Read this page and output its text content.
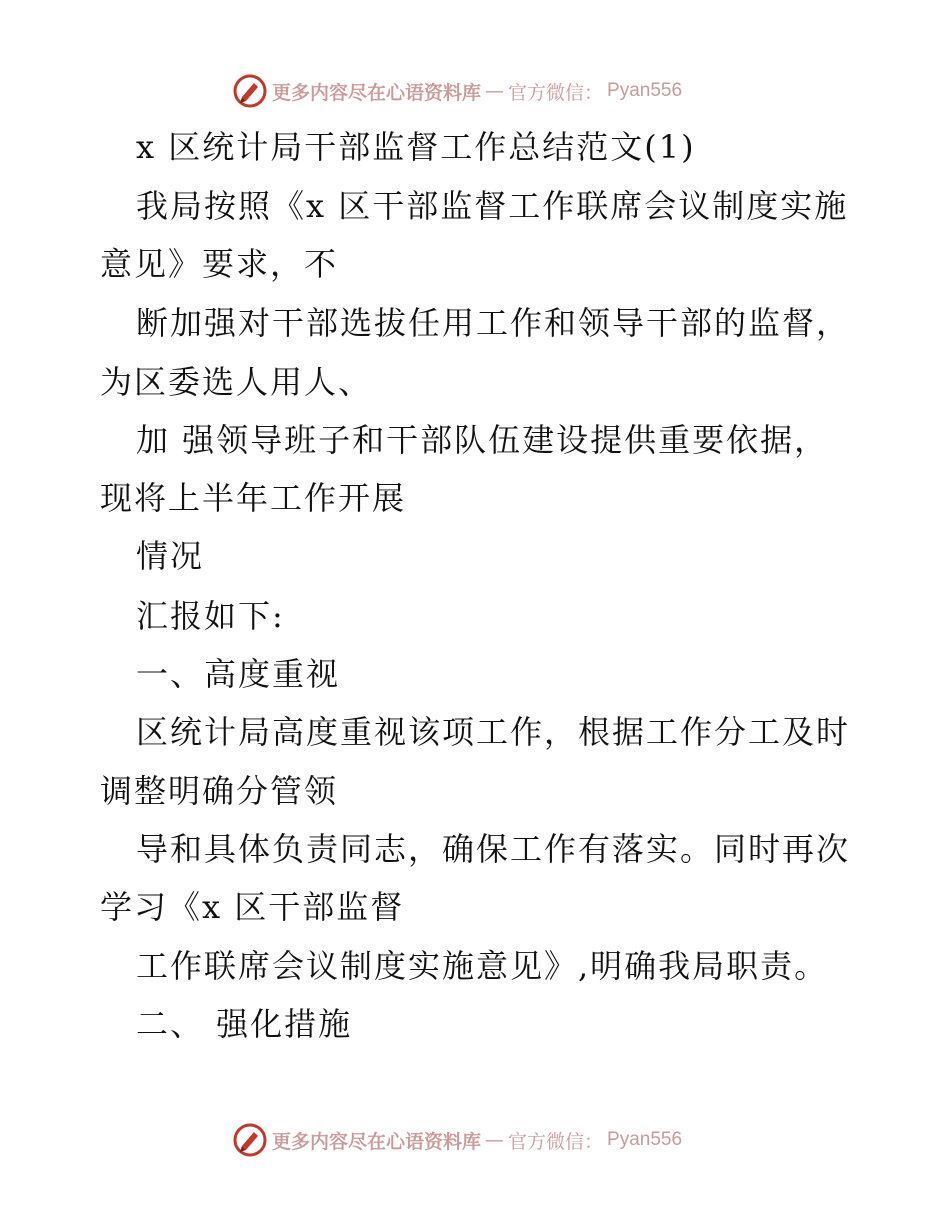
更多内容尽在心语资料库 — 官方微信： Pyan556
x 区统计局干部监督工作总结范文(1)
我局按照《x 区干部监督工作联席会议制度实施
意见》要求，不
断加强对干部选拔任用工作和领导干部的监督，
为区委选人用人、
加 强领导班子和干部队伍建设提供重要依据，
现将上半年工作开展
情况
汇报如下:
一、高度重视
区统计局高度重视该项工作，根据工作分工及时
调整明确分管领
导和具体负责同志，确保工作有落实。同时再次
学习《x 区干部监督
工作联席会议制度实施意见》,明确我局职责。
二、 强化措施
更多内容尽在心语资料库 — 官方微信： Pyan556
